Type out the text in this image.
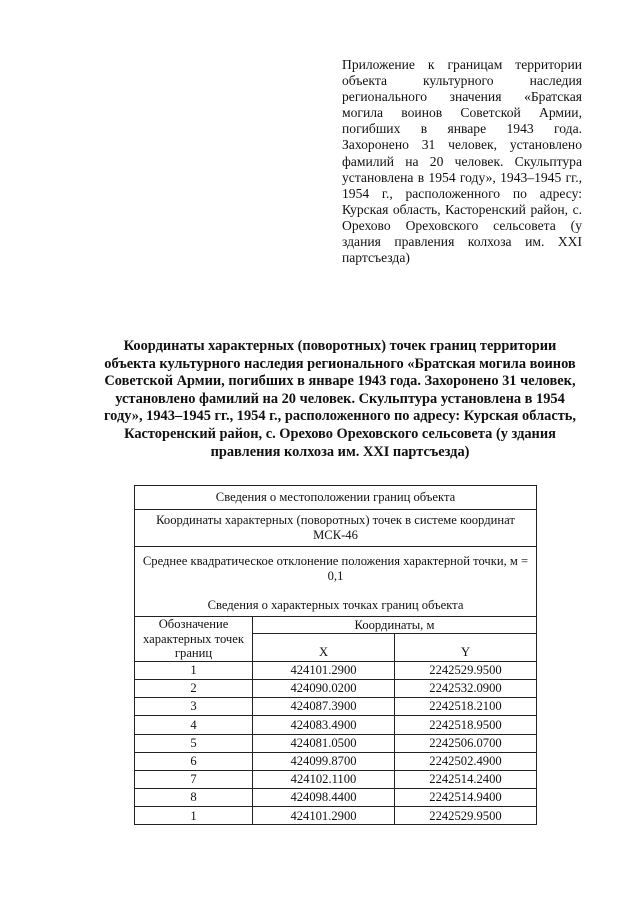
Приложение к границам территории объекта культурного наследия регионального значения «Братская могила воинов Советской Армии, погибших в январе 1943 года. Захоронено 31 человек, установлено фамилий на 20 человек. Скульптура установлена в 1954 году», 1943–1945 гг., 1954 г., расположенного по адресу: Курская область, Касторенский район, с. Орехово Ореховского сельсовета (у здания правления колхоза им. XXI партсъезда)
Координаты характерных (поворотных) точек границ территории объекта культурного наследия регионального «Братская могила воинов Советской Армии, погибших в январе 1943 года. Захоронено 31 человек, установлено фамилий на 20 человек. Скульптура установлена в 1954 году», 1943–1945 гг., 1954 г., расположенного по адресу: Курская область, Касторенский район, с. Орехово Ореховского сельсовета (у здания правления колхоза им. XXI партсъезда)
Сведения о местоположении границ объекта		
Координаты характерных (поворотных) точек в системе координат МСК-46		

Среднее квадратическое отклонение положения характерной точки, м = 0,1
Сведения о характерных точках границ объекта		

Обозначение характерных точек границ	Координаты, м	
	X	Y
1	424101.2900	2242529.9500
2	424090.0200	2242532.0900
3	424087.3900	2242518.2100
4	424083.4900	2242518.9500
5	424081.0500	2242506.0700
6	424099.8700	2242502.4900
7	424102.1100	2242514.2400
8	424098.4400	2242514.9400
1	424101.2900	2242529.9500
